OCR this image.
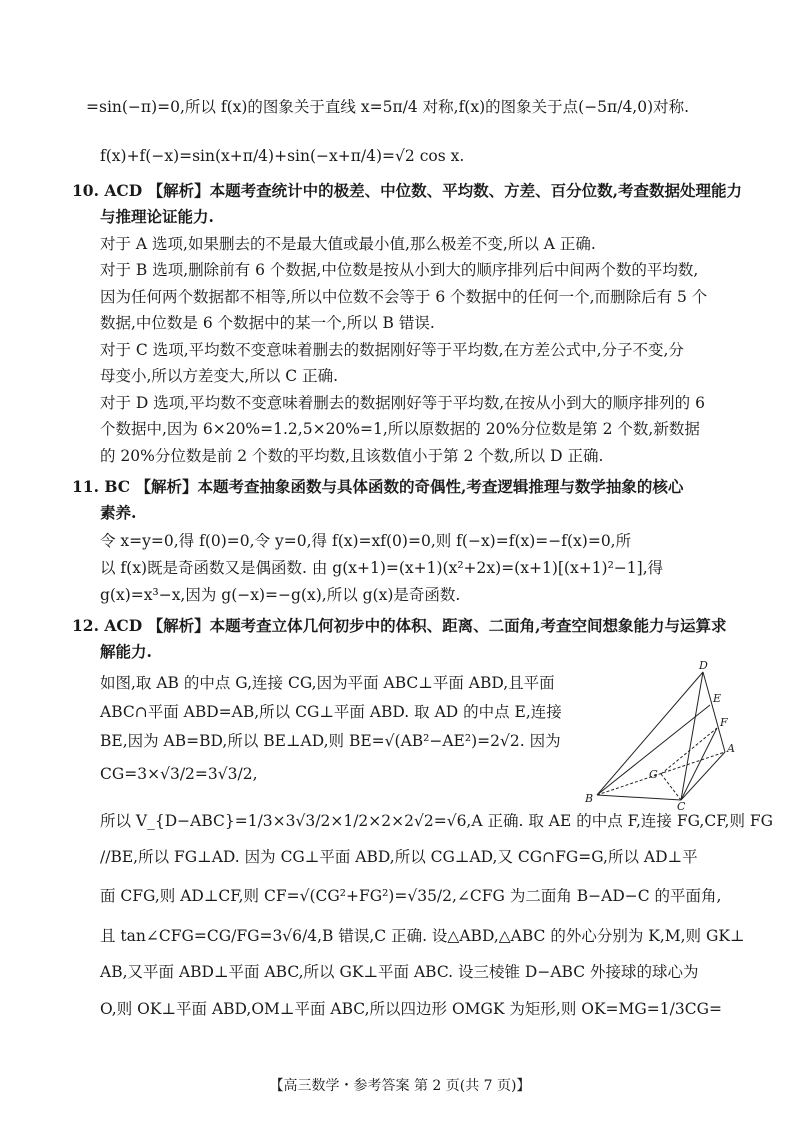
=sin(−π)=0,所以 f(x)的图象关于直线 x=5π/4 对称,f(x)的图象关于点(−5π/4,0)对称.
f(x)+f(−x)=sin(x+π/4)+sin(−x+π/4)=√2 cos x.
10. ACD 【解析】本题考查统计中的极差、中位数、平均数、方差、百分位数,考查数据处理能力
与推理论证能力.
对于 A 选项,如果删去的不是最大值或最小值,那么极差不变,所以 A 正确.
对于 B 选项,删除前有 6 个数据,中位数是按从小到大的顺序排列后中间两个数的平均数,
因为任何两个数据都不相等,所以中位数不会等于 6 个数据中的任何一个,而删除后有 5 个
数据,中位数是 6 个数据中的某一个,所以 B 错误.
对于 C 选项,平均数不变意味着删去的数据刚好等于平均数,在方差公式中,分子不变,分
母变小,所以方差变大,所以 C 正确.
对于 D 选项,平均数不变意味着删去的数据刚好等于平均数,在按从小到大的顺序排列的 6
个数据中,因为 6×20%=1.2,5×20%=1,所以原数据的 20%分位数是第 2 个数,新数据
的 20%分位数是前 2 个数的平均数,且该数值小于第 2 个数,所以 D 正确.
11. BC 【解析】本题考查抽象函数与具体函数的奇偶性,考查逻辑推理与数学抽象的核心
素养.
令 x=y=0,得 f(0)=0,令 y=0,得 f(x)=xf(0)=0,则 f(−x)=f(x)=−f(x)=0,所
以 f(x)既是奇函数又是偶函数. 由 g(x+1)=(x+1)(x²+2x)=(x+1)[(x+1)²−1],得
g(x)=x³−x,因为 g(−x)=−g(x),所以 g(x)是奇函数.
12. ACD 【解析】本题考查立体几何初步中的体积、距离、二面角,考查空间想象能力与运算求
解能力.
如图,取 AB 的中点 G,连接 CG,因为平面 ABC⊥平面 ABD,且平面
ABC∩平面 ABD=AB,所以 CG⊥平面 ABD. 取 AD 的中点 E,连接
BE,因为 AB=BD,所以 BE⊥AD,则 BE=√(AB²−AE²)=2√2. 因为
CG=3×√3/2=3√3/2,
D
E
F
A
G
B
C
所以 V_{D−ABC}=1/3×3√3/2×1/2×2×2√2=√6,A 正确. 取 AE 的中点 F,连接 FG,CF,则 FG
//BE,所以 FG⊥AD. 因为 CG⊥平面 ABD,所以 CG⊥AD,又 CG∩FG=G,所以 AD⊥平
面 CFG,则 AD⊥CF,则 CF=√(CG²+FG²)=√35/2,∠CFG 为二面角 B−AD−C 的平面角,
且 tan∠CFG=CG/FG=3√6/4,B 错误,C 正确. 设△ABD,△ABC 的外心分别为 K,M,则 GK⊥
AB,又平面 ABD⊥平面 ABC,所以 GK⊥平面 ABC. 设三棱锥 D−ABC 外接球的球心为
O,则 OK⊥平面 ABD,OM⊥平面 ABC,所以四边形 OMGK 为矩形,则 OK=MG=1/3CG=
【高三数学・参考答案 第 2 页(共 7 页)】
